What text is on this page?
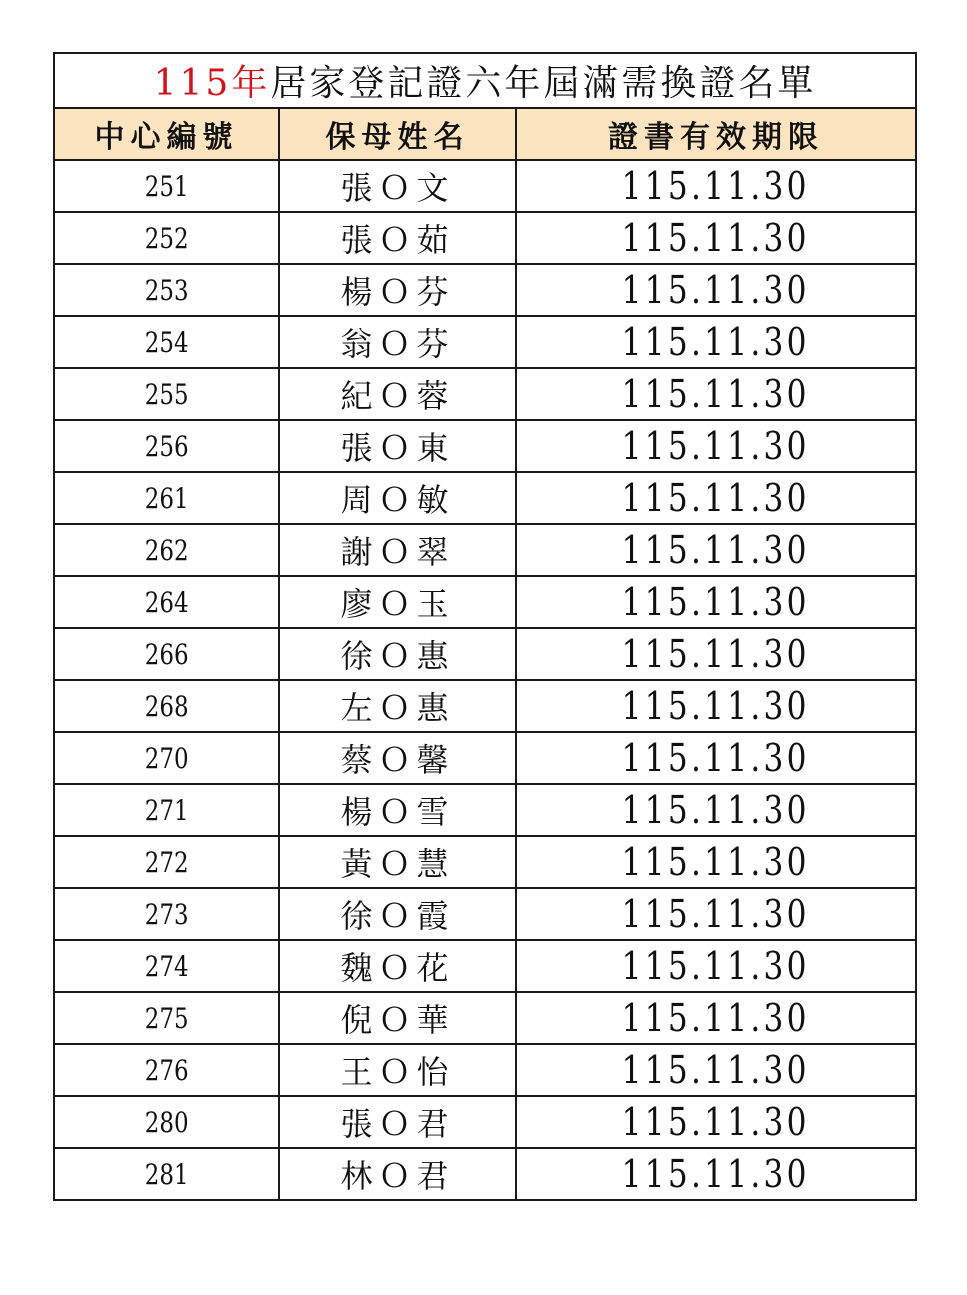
115年居家登記證六年屆滿需換證名單		
中心編號	保母姓名	證書有效期限
251	張Ｏ文	115.11.30
252	張Ｏ茹	115.11.30
253	楊Ｏ芬	115.11.30
254	翁Ｏ芬	115.11.30
255	紀Ｏ蓉	115.11.30
256	張Ｏ東	115.11.30
261	周Ｏ敏	115.11.30
262	謝Ｏ翠	115.11.30
264	廖Ｏ玉	115.11.30
266	徐Ｏ惠	115.11.30
268	左Ｏ惠	115.11.30
270	蔡Ｏ馨	115.11.30
271	楊Ｏ雪	115.11.30
272	黃Ｏ慧	115.11.30
273	徐Ｏ霞	115.11.30
274	魏Ｏ花	115.11.30
275	倪Ｏ華	115.11.30
276	王Ｏ怡	115.11.30
280	張Ｏ君	115.11.30
281	林Ｏ君	115.11.30
